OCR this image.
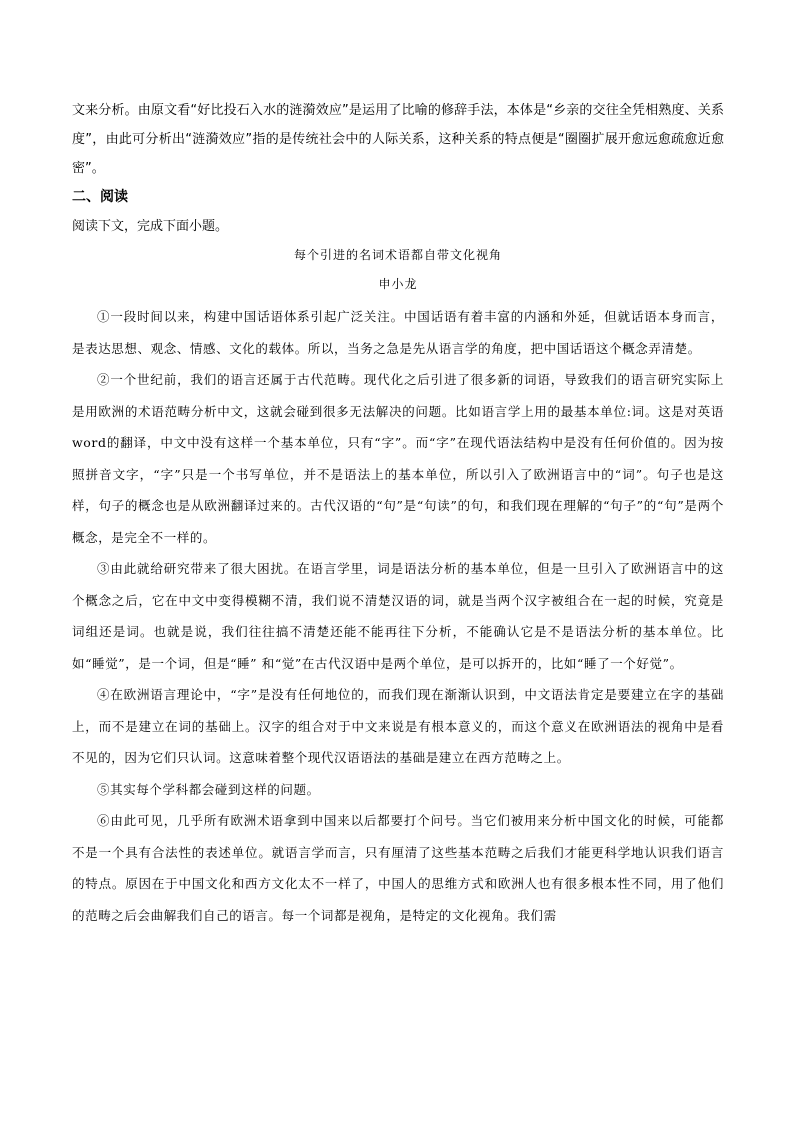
文来分析。由原文看“好比投石入水的涟漪效应”是运用了比喻的修辞手法，本体是“乡亲的交往全凭相熟度、关系度”，由此可分析出“涟漪效应”指的是传统社会中的人际关系，这种关系的特点便是“圈圈扩展开愈远愈疏愈近愈密”。

二、阅读

阅读下文，完成下面小题。

每个引进的名词术语都自带文化视角

申小龙

①一段时间以来，构建中国话语体系引起广泛关注。中国话语有着丰富的内涵和外延，但就话语本身而言，是表达思想、观念、情感、文化的载体。所以，当务之急是先从语言学的角度，把中国话语这个概念弄清楚。

②一个世纪前，我们的语言还属于古代范畴。现代化之后引进了很多新的词语，导致我们的语言研究实际上是用欧洲的术语范畴分析中文，这就会碰到很多无法解决的问题。比如语言学上用的最基本单位:词。这是对英语word的翻译，中文中没有这样一个基本单位，只有“字”。而“字”在现代语法结构中是没有任何价值的。因为按照拼音文字，“字”只是一个书写单位，并不是语法上的基本单位，所以引入了欧洲语言中的“词”。句子也是这样，句子的概念也是从欧洲翻译过来的。古代汉语的“句”是“句读”的句，和我们现在理解的“句子”的“句”是两个概念，是完全不一样的。

③由此就给研究带来了很大困扰。在语言学里，词是语法分析的基本单位，但是一旦引入了欧洲语言中的这个概念之后，它在中文中变得模糊不清，我们说不清楚汉语的词，就是当两个汉字被组合在一起的时候，究竟是词组还是词。也就是说，我们往往搞不清楚还能不能再往下分析，不能确认它是不是语法分析的基本单位。比如“睡觉”，是一个词，但是“睡” 和“觉”在古代汉语中是两个单位，是可以拆开的，比如“睡了一个好觉”。

④在欧洲语言理论中，“字”是没有任何地位的，而我们现在渐渐认识到，中文语法肯定是要建立在字的基础上，而不是建立在词的基础上。汉字的组合对于中文来说是有根本意义的，而这个意义在欧洲语法的视角中是看不见的，因为它们只认词。这意味着整个现代汉语语法的基础是建立在西方范畴之上。

⑤其实每个学科都会碰到这样的问题。

⑥由此可见，几乎所有欧洲术语拿到中国来以后都要打个问号。当它们被用来分析中国文化的时候，可能都不是一个具有合法性的表述单位。就语言学而言，只有厘清了这些基本范畴之后我们才能更科学地认识我们语言的特点。原因在于中国文化和西方文化太不一样了，中国人的思维方式和欧洲人也有很多根本性不同，用了他们的范畴之后会曲解我们自己的语言。每一个词都是视角，是特定的文化视角。我们需
